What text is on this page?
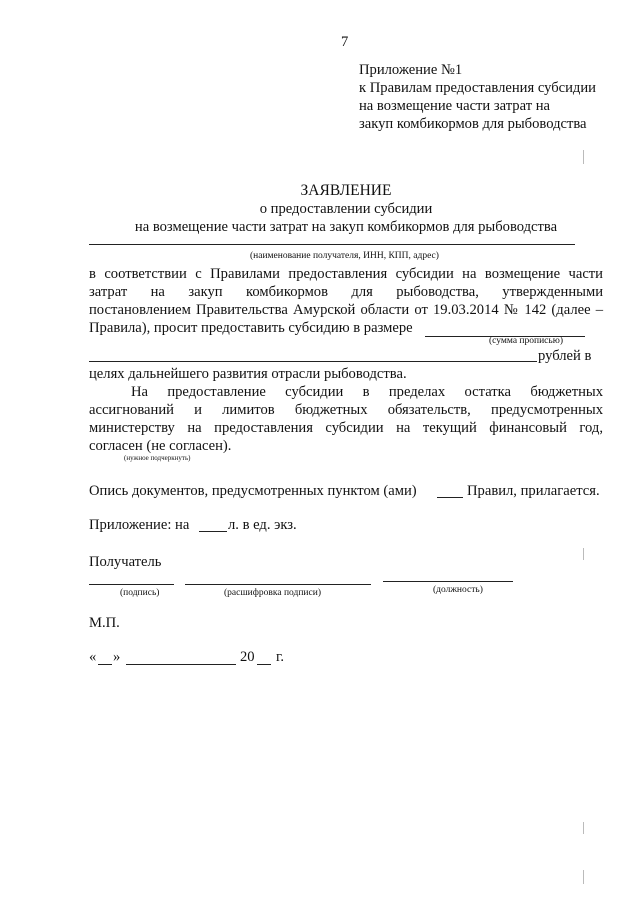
7
Приложение №1
к Правилам предоставления субсидии
на возмещение части затрат на
закуп комбикормов для рыбоводства
ЗАЯВЛЕНИЕ
о предоставлении субсидии
на возмещение части затрат на закуп комбикормов для рыбоводства
(наименование получателя, ИНН, КПП, адрес)
в соответствии с Правилами предоставления субсидии на возмещение части
затрат на закуп комбикормов для рыбоводства, утвержденными
постановлением Правительства Амурской области от 19.03.2014 № 142 (далее –
Правила), просит предоставить субсидию в размере
(сумма прописью)
рублей в
целях дальнейшего развития отрасли рыбоводства.
На предоставление субсидии в пределах остатка бюджетных
ассигнований и лимитов бюджетных обязательств, предусмотренных
министерству на предоставления субсидии на текущий финансовый год,
согласен (не согласен).
(нужное подчеркнуть)
Опись документов, предусмотренных пунктом (ами)	Правил, прилагается.
Приложение: на	л. в ед. экз.
Получатель
(подпись)	(расшифровка подписи)	(должность)
М.П.
« »	20 г.
